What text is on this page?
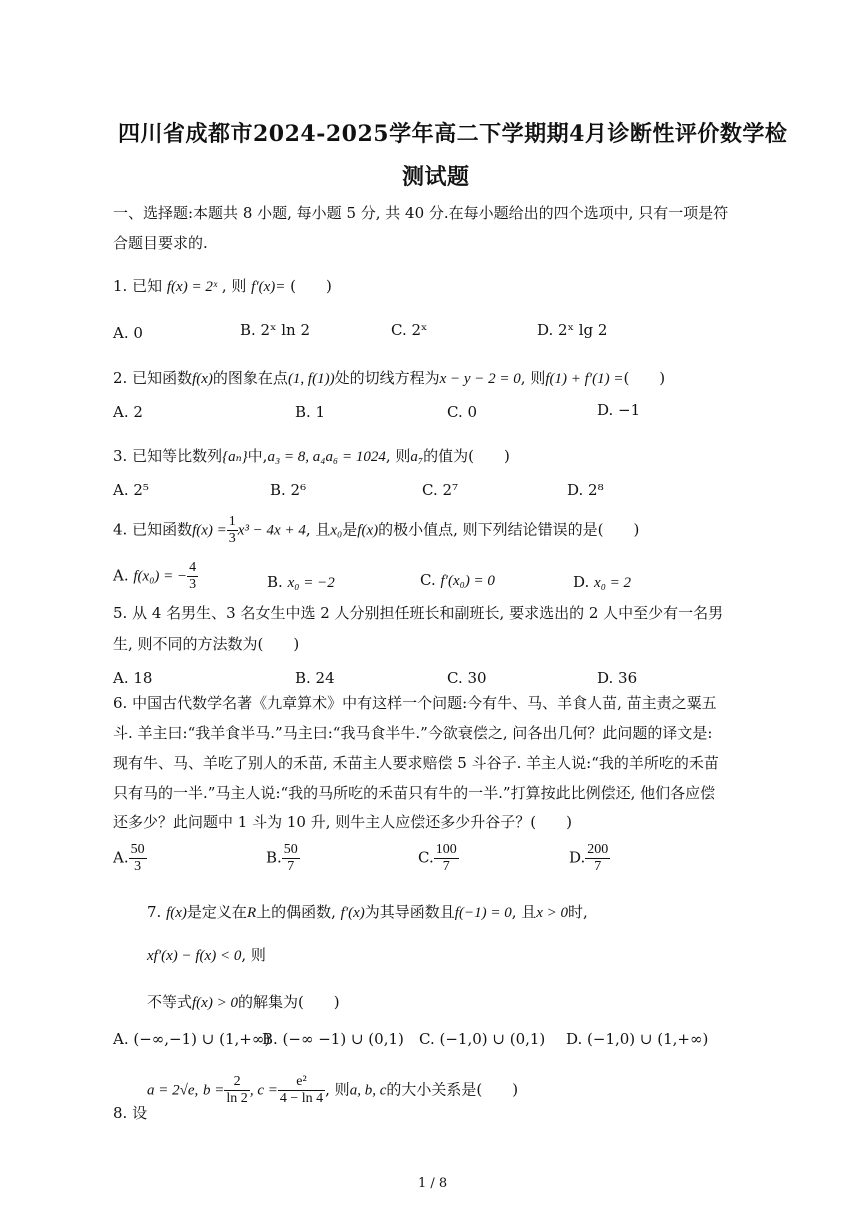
四川省成都市2024-2025学年高二下学期期4月诊断性评价数学检
测试题
一、选择题:本题共 8 小题, 每小题 5 分, 共 40 分.在每小题给出的四个选项中, 只有一项是符
合题目要求的.
1. 已知 f(x) = 2ˣ , 则 f′(x)= (　　)
A. 0	B. 2ˣ ln 2	C. 2ˣ	D. 2ˣ lg 2
2. 已知函数f(x)的图象在点(1, f(1))处的切线方程为x − y − 2 = 0, 则f(1) + f′(1) =(　　)
A. 2	B. 1	C. 0	D. −1
3. 已知等比数列{aₙ}中,a₃ = 8, a₄a₆ = 1024, 则a₇的值为(　　)
A. 2⁵	B. 2⁶	C. 2⁷	D. 2⁸
4. 已知函数$f(x) = \frac{1}{3} x^3 - 4x + 4$, 且x₀是f(x)的极小值点, 则下列结论错误的是(　　)
A. f(x₀) = − $\frac{4}{3}$	B. x₀ = −2	C. f′(x₀) = 0	D. x₀ = 2
5. 从 4 名男生、3 名女生中选 2 人分别担任班长和副班长, 要求选出的 2 人中至少有一名男
生, 则不同的方法数为(　　)
A. 18	B. 24	C. 30	D. 36
6. 中国古代数学名著《九章算术》中有这样一个问题:今有牛、马、羊食人苗, 苗主责之粟五
斗. 羊主曰:“我羊食半马.”马主曰:“我马食半牛.”今欲衰偿之, 问各出几何？此问题的译文是:
现有牛、马、羊吃了别人的禾苗, 禾苗主人要求赔偿 5 斗谷子. 羊主人说:“我的羊所吃的禾苗
只有马的一半.”马主人说:“我的马所吃的禾苗只有牛的一半.”打算按此比例偿还, 他们各应偿
还多少？此问题中 1 斗为 10 升, 则牛主人应偿还多少升谷子？(　　)
A. $\frac{50}{3}$	B. $\frac{50}{7}$	C. $\frac{100}{7}$	D. $\frac{200}{7}$
7. f(x)是定义在R上的偶函数, f′(x)为其导函数且f(−1) = 0, 且x > 0时,
xf′(x) − f(x) < 0, 则
不等式f(x) > 0的解集为(　　)
A. (−∞,−1) ∪ (1,+∞)
B. (−∞ −1) ∪ (0,1) C. (−1,0) ∪ (0,1) D. (−1,0) ∪ (1,+∞)
8. 设
a = 2√e, $b = \frac{2}{\ln 2}$ , $c = \frac{\text{e²}}{4 - \ln 4}$ , 则a, b, c的大小关系是(　　)
1 / 8
